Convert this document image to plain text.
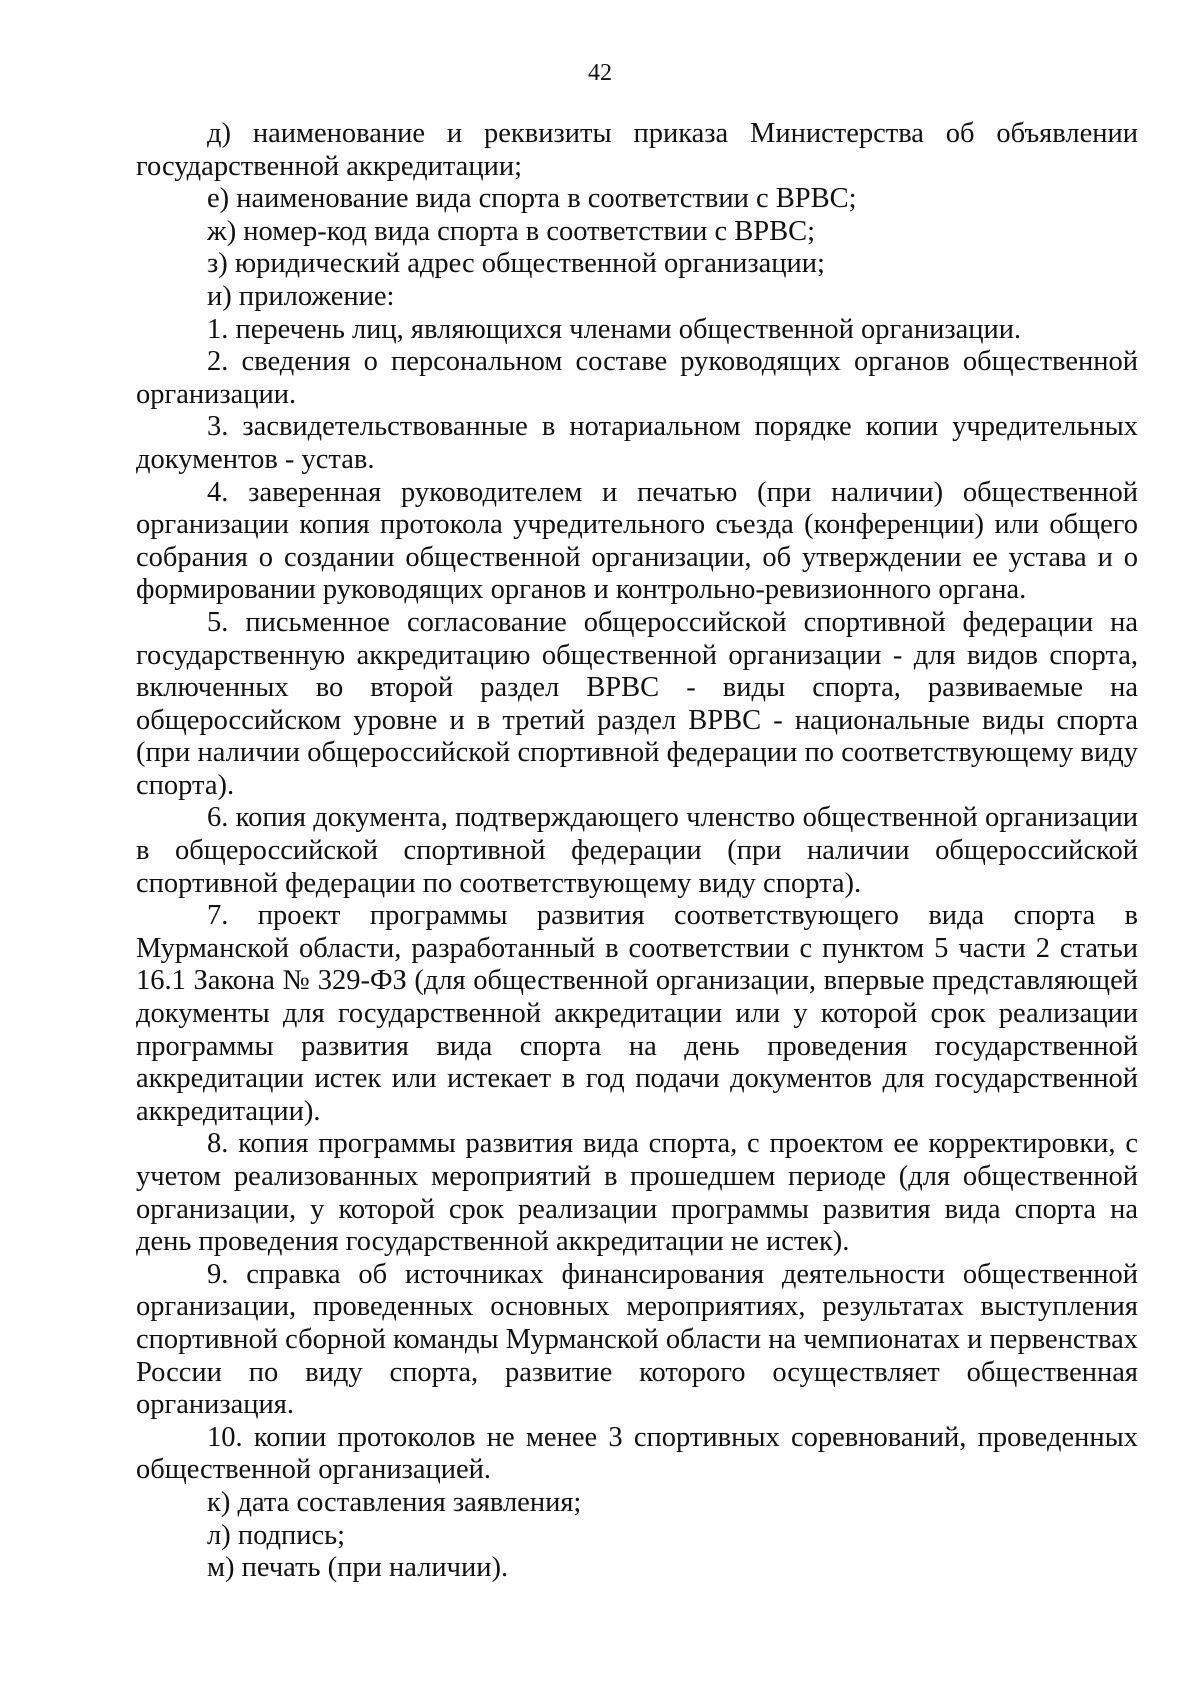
42

д) наименование и реквизиты приказа Министерства об объявлении государственной аккредитации;

е) наименование вида спорта в соответствии с ВРВС;

ж) номер-код вида спорта в соответствии с ВРВС;

з) юридический адрес общественной организации;

и) приложение:

1. перечень лиц, являющихся членами общественной организации.

2. сведения о персональном составе руководящих органов общественной организации.

3. засвидетельствованные в нотариальном порядке копии учредительных документов - устав.

4. заверенная руководителем и печатью (при наличии) общественной организации копия протокола учредительного съезда (конференции) или общего собрания о создании общественной организации, об утверждении ее устава и о формировании руководящих органов и контрольно-ревизионного органа.

5. письменное согласование общероссийской спортивной федерации на государственную аккредитацию общественной организации - для видов спорта, включенных во второй раздел ВРВС - виды спорта, развиваемые на общероссийском уровне и в третий раздел ВРВС - национальные виды спорта (при наличии общероссийской спортивной федерации по соответствующему виду спорта).

6. копия документа, подтверждающего членство общественной организации в общероссийской спортивной федерации (при наличии общероссийской спортивной федерации по соответствующему виду спорта).

7. проект программы развития соответствующего вида спорта в Мурманской области, разработанный в соответствии с пунктом 5 части 2 статьи 16.1 Закона № 329-ФЗ (для общественной организации, впервые представляющей документы для государственной аккредитации или у которой срок реализации программы развития вида спорта на день проведения государственной аккредитации истек или истекает в год подачи документов для государственной аккредитации).

8. копия программы развития вида спорта, с проектом ее корректировки, с учетом реализованных мероприятий в прошедшем периоде (для общественной организации, у которой срок реализации программы развития вида спорта на день проведения государственной аккредитации не истек).

9. справка об источниках финансирования деятельности общественной организации, проведенных основных мероприятиях, результатах выступления спортивной сборной команды Мурманской области на чемпионатах и первенствах России по виду спорта, развитие которого осуществляет общественная организация.

10. копии протоколов не менее 3 спортивных соревнований, проведенных общественной организацией.

к) дата составления заявления;

л) подпись;

м) печать (при наличии).
